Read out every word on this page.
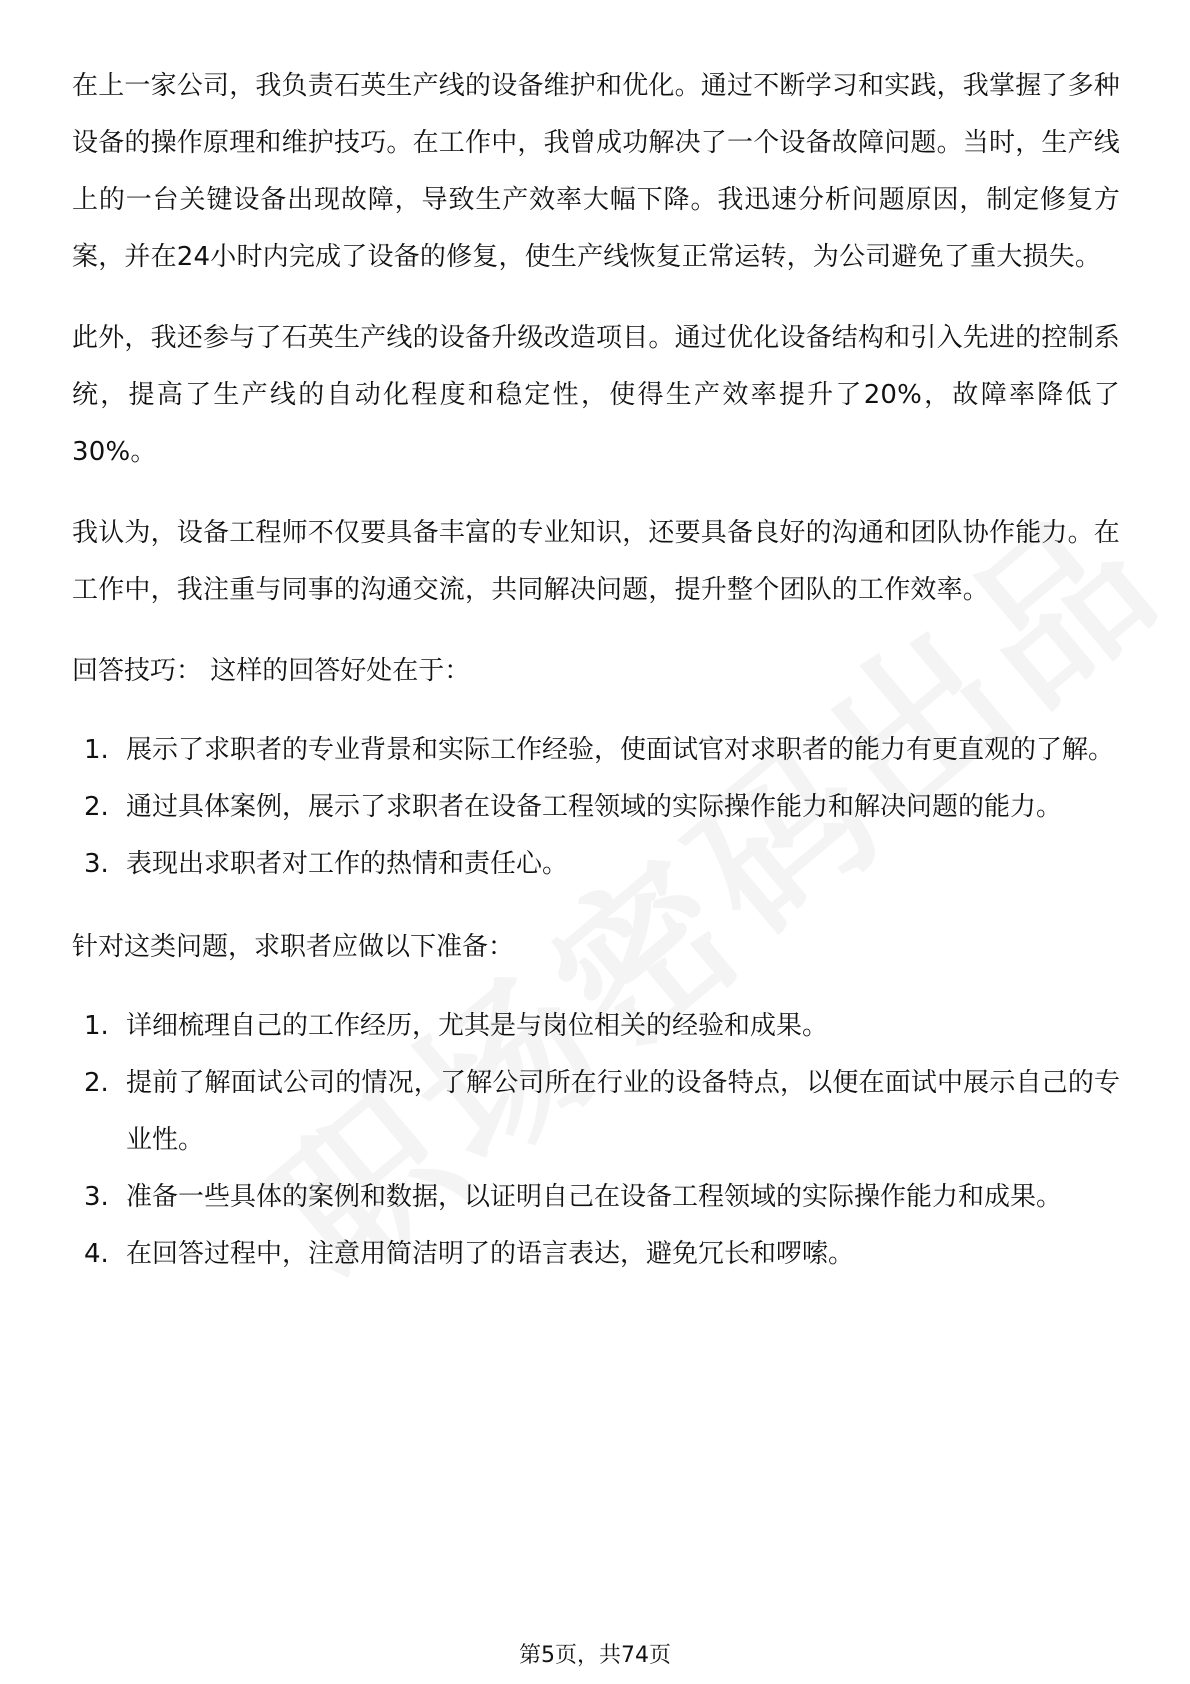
在上一家公司，我负责石英生产线的设备维护和优化。通过不断学习和实践，我掌握了多种设备的操作原理和维护技巧。在工作中，我曾成功解决了一个设备故障问题。当时，生产线上的一台关键设备出现故障，导致生产效率大幅下降。我迅速分析问题原因，制定修复方案，并在24小时内完成了设备的修复，使生产线恢复正常运转，为公司避免了重大损失。

此外，我还参与了石英生产线的设备升级改造项目。通过优化设备结构和引入先进的控制系统，提高了生产线的自动化程度和稳定性，使得生产效率提升了20%，故障率降低了30%。

我认为，设备工程师不仅要具备丰富的专业知识，还要具备良好的沟通和团队协作能力。在工作中，我注重与同事的沟通交流，共同解决问题，提升整个团队的工作效率。

回答技巧： 这样的回答好处在于：

1. 展示了求职者的专业背景和实际工作经验，使面试官对求职者的能力有更直观的了解。
2. 通过具体案例，展示了求职者在设备工程领域的实际操作能力和解决问题的能力。
3. 表现出求职者对工作的热情和责任心。

针对这类问题，求职者应做以下准备：

1. 详细梳理自己的工作经历，尤其是与岗位相关的经验和成果。
2. 提前了解面试公司的情况，了解公司所在行业的设备特点，以便在面试中展示自己的专业性。
3. 准备一些具体的案例和数据，以证明自己在设备工程领域的实际操作能力和成果。
4. 在回答过程中，注意用简洁明了的语言表达，避免冗长和啰嗦。
第5页，共74页
